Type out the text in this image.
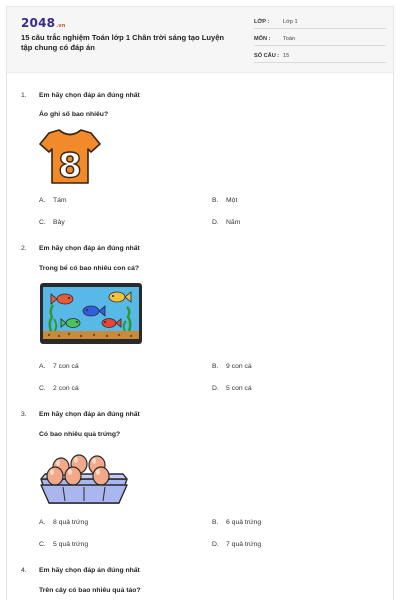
2048.vn
15 câu trắc nghiệm Toán lớp 1 Chân trời sáng tạo Luyện tập chung có đáp án
LỚP :	Lớp 1
MÔN :	Toán
SỐ CÂU : 15
1. Em hãy chọn đáp án đúng nhất
Áo ghi số bao nhiêu?
8
A. Tám	B. Một
C. Bảy	D. Năm
2. Em hãy chọn đáp án đúng nhất
Trong bể có bao nhiêu con cá?
A. 7 con cá	B. 9 con cá
C. 2 con cá	D. 5 con cá
3. Em hãy chọn đáp án đúng nhất
Có bao nhiêu quả trứng?
A. 8 quả trứng	B. 6 quả trứng
C. 5 quả trứng	D. 7 quả trứng
4. Em hãy chọn đáp án đúng nhất
Trên cây có bao nhiêu quả táo?
